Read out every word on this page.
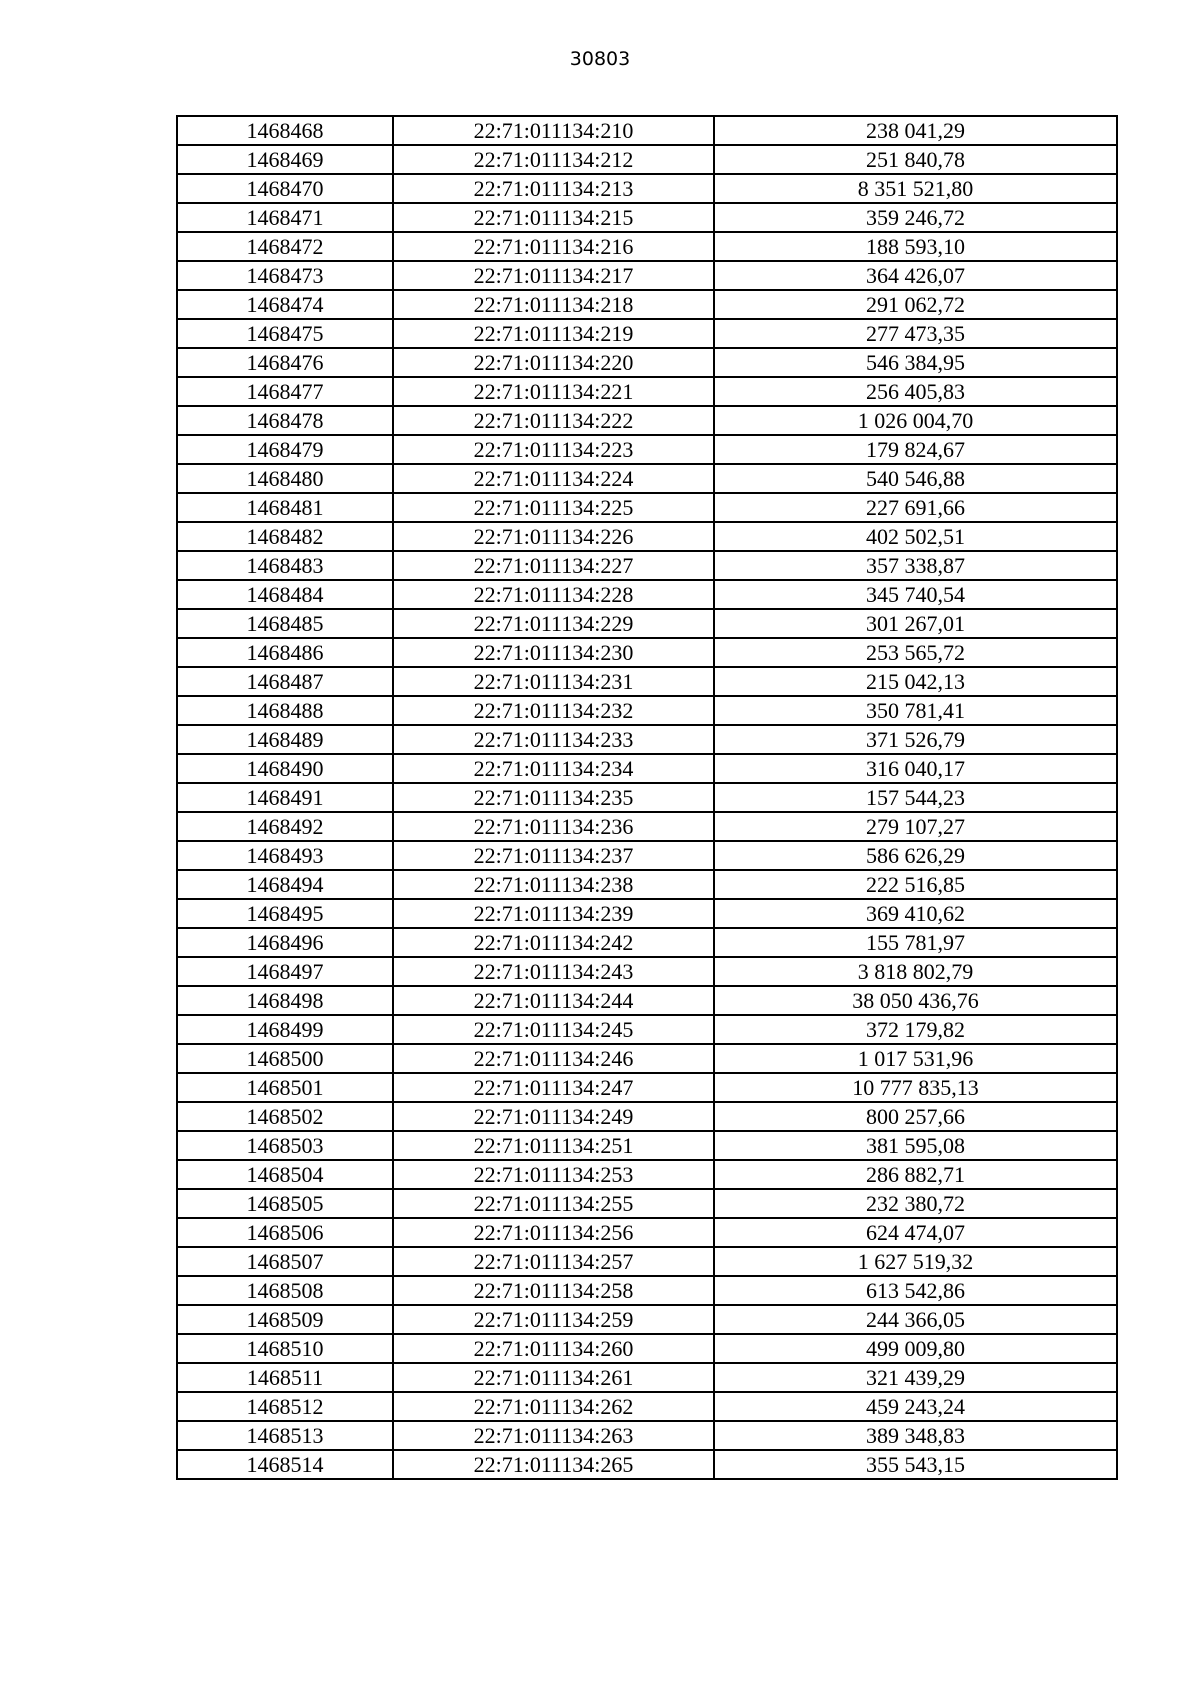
30803
1468468	22:71:011134:210	238 041,29
1468469	22:71:011134:212	251 840,78
1468470	22:71:011134:213	8 351 521,80
1468471	22:71:011134:215	359 246,72
1468472	22:71:011134:216	188 593,10
1468473	22:71:011134:217	364 426,07
1468474	22:71:011134:218	291 062,72
1468475	22:71:011134:219	277 473,35
1468476	22:71:011134:220	546 384,95
1468477	22:71:011134:221	256 405,83
1468478	22:71:011134:222	1 026 004,70
1468479	22:71:011134:223	179 824,67
1468480	22:71:011134:224	540 546,88
1468481	22:71:011134:225	227 691,66
1468482	22:71:011134:226	402 502,51
1468483	22:71:011134:227	357 338,87
1468484	22:71:011134:228	345 740,54
1468485	22:71:011134:229	301 267,01
1468486	22:71:011134:230	253 565,72
1468487	22:71:011134:231	215 042,13
1468488	22:71:011134:232	350 781,41
1468489	22:71:011134:233	371 526,79
1468490	22:71:011134:234	316 040,17
1468491	22:71:011134:235	157 544,23
1468492	22:71:011134:236	279 107,27
1468493	22:71:011134:237	586 626,29
1468494	22:71:011134:238	222 516,85
1468495	22:71:011134:239	369 410,62
1468496	22:71:011134:242	155 781,97
1468497	22:71:011134:243	3 818 802,79
1468498	22:71:011134:244	38 050 436,76
1468499	22:71:011134:245	372 179,82
1468500	22:71:011134:246	1 017 531,96
1468501	22:71:011134:247	10 777 835,13
1468502	22:71:011134:249	800 257,66
1468503	22:71:011134:251	381 595,08
1468504	22:71:011134:253	286 882,71
1468505	22:71:011134:255	232 380,72
1468506	22:71:011134:256	624 474,07
1468507	22:71:011134:257	1 627 519,32
1468508	22:71:011134:258	613 542,86
1468509	22:71:011134:259	244 366,05
1468510	22:71:011134:260	499 009,80
1468511	22:71:011134:261	321 439,29
1468512	22:71:011134:262	459 243,24
1468513	22:71:011134:263	389 348,83
1468514	22:71:011134:265	355 543,15
